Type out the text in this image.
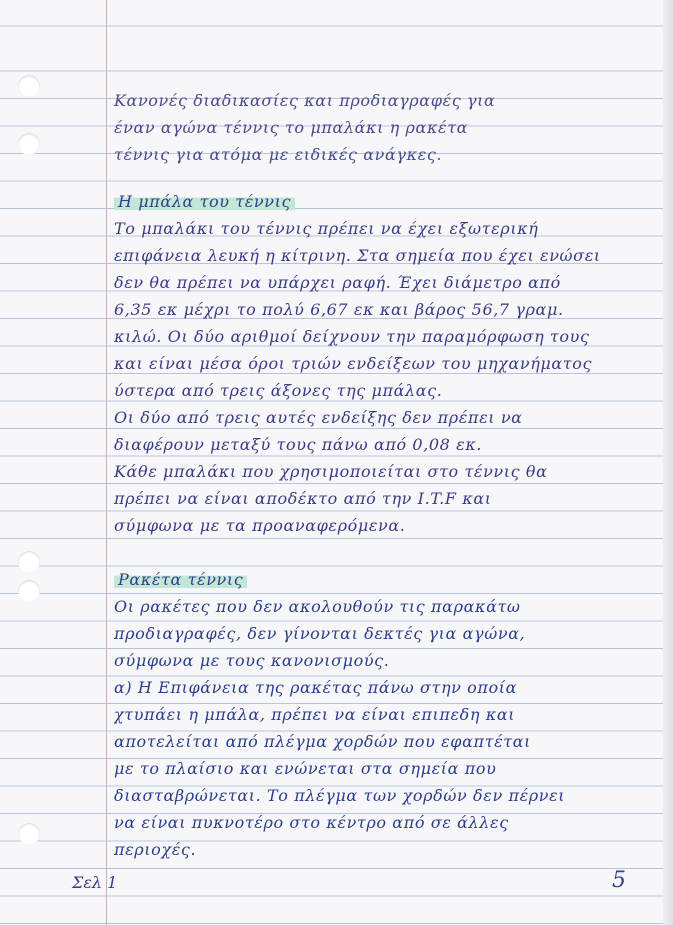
Κανονές διαδικασίες και προδιαγραφές για
έναν αγώνα τέννις το μπαλάκι η ρακέτα
τέννις για ατόμα με ειδικές ανάγκες.
Η μπάλα του τέννις
Το μπαλάκι του τέννις πρέπει να έχει εξωτερική
επιφάνεια λευκή η κίτρινη. Στα σημεία που έχει ενώσει
δεν θα πρέπει να υπάρχει ραφή. Έχει διάμετρο από
6,35 εκ μέχρι το πολύ 6,67 εκ και βάρος 56,7 γραμ.
κιλώ. Οι δύο αριθμοί δείχνουν την παραμόρφωση τους
και είναι μέσα όροι τριών ενδείξεων του μηχανήματος
ύστερα από τρεις άξονες της μπάλας.
Οι δύο από τρεις αυτές ενδείξης δεν πρέπει να
διαφέρουν μεταξύ τους πάνω από 0,08 εκ.
Κάθε μπαλάκι που χρησιμοποιείται στο τέννις θα
πρέπει να είναι αποδέκτο από την I.T.F και
σύμφωνα με τα προαναφερόμενα.
Ρακέτα τέννις
Οι ρακέτες που δεν ακολουθούν τις παρακάτω
προδιαγραφές, δεν γίνονται δεκτές για αγώνα,
σύμφωνα με τους κανονισμούς.
α) Η Επιφάνεια της ρακέτας πάνω στην οποία
χτυπάει η μπάλα, πρέπει να είναι επιπεδη και
αποτελείται από πλέγμα χορδών που εφαπτέται
με το πλαίσιο και ενώνεται στα σημεία που
διασταβρώνεται. Το πλέγμα των χορδών δεν πέρνει
να είναι πυκνοτέρο στο κέντρο από σε άλλες
περιοχές.
Σελ 1	5
